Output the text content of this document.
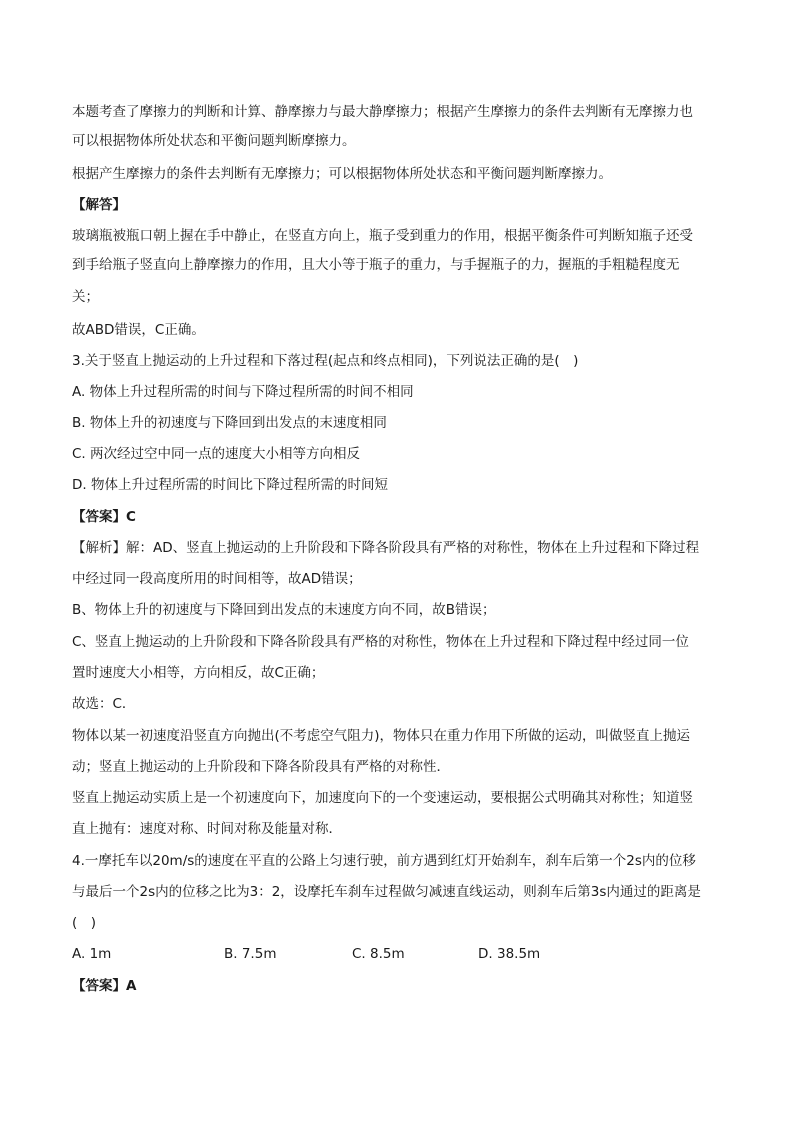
本题考查了摩擦力的判断和计算、静摩擦力与最大静摩擦力；根据产生摩擦力的条件去判断有无摩擦力也
可以根据物体所处状态和平衡问题判断摩擦力。
根据产生摩擦力的条件去判断有无摩擦力；可以根据物体所处状态和平衡问题判断摩擦力。
【解答】
玻璃瓶被瓶口朝上握在手中静止，在竖直方向上，瓶子受到重力的作用，根据平衡条件可判断知瓶子还受
到手给瓶子竖直向上静摩擦力的作用，且大小等于瓶子的重力，与手握瓶子的力，握瓶的手粗糙程度无
关；
故ABD错误，C正确。
3.关于竖直上抛运动的上升过程和下落过程(起点和终点相同)，下列说法正确的是(　)
A. 物体上升过程所需的时间与下降过程所需的时间不相同
B. 物体上升的初速度与下降回到出发点的末速度相同
C. 两次经过空中同一点的速度大小相等方向相反
D. 物体上升过程所需的时间比下降过程所需的时间短
【答案】C
【解析】解：AD、竖直上抛运动的上升阶段和下降各阶段具有严格的对称性，物体在上升过程和下降过程
中经过同一段高度所用的时间相等，故AD错误；
B、物体上升的初速度与下降回到出发点的末速度方向不同，故B错误；
C、竖直上抛运动的上升阶段和下降各阶段具有严格的对称性，物体在上升过程和下降过程中经过同一位
置时速度大小相等，方向相反，故C正确；
故选：C．
物体以某一初速度沿竖直方向抛出(不考虑空气阻力)，物体只在重力作用下所做的运动，叫做竖直上抛运
动；竖直上抛运动的上升阶段和下降各阶段具有严格的对称性．
竖直上抛运动实质上是一个初速度向下，加速度向下的一个变速运动，要根据公式明确其对称性；知道竖
直上抛有：速度对称、时间对称及能量对称．
4.一摩托车以20m/s的速度在平直的公路上匀速行驶，前方遇到红灯开始刹车，刹车后第一个2s内的位移
与最后一个2s内的位移之比为3：2，设摩托车刹车过程做匀减速直线运动，则刹车后第3s内通过的距离是
(　)
A. 1m	B. 7.5m	C. 8.5m	D. 38.5m
【答案】A
